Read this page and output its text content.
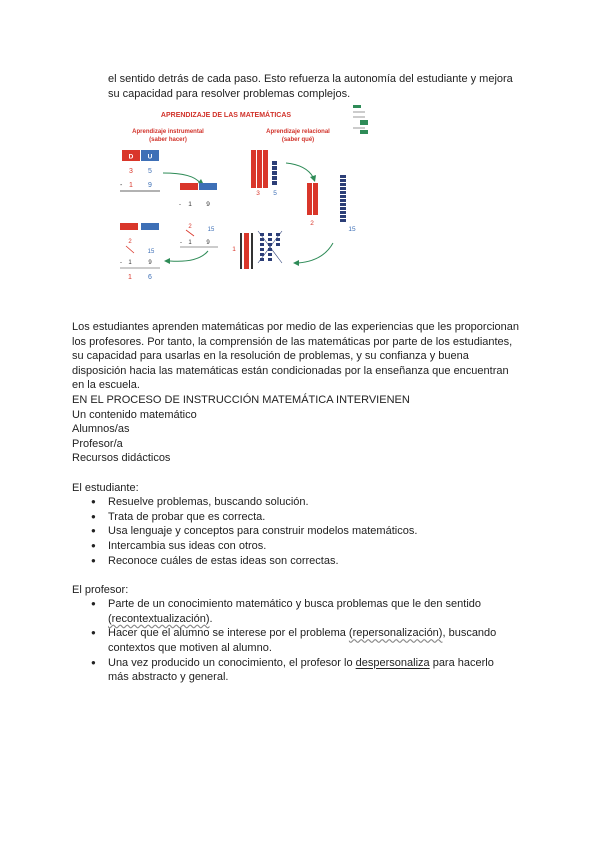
el sentido detrás de cada paso. Esto refuerza la autonomía del estudiante y mejora
su capacidad para resolver problemas complejos.
APRENDIZAJE DE LAS MATEMÁTICAS
Aprendizaje instrumental
(saber hacer)
Aprendizaje relacional
(saber qué)
D U
3 5
- 1 9
- 1 9
2	15
- 1 9
2
15
- 1	9
1 6
3 5
2
15
1

Los estudiantes aprenden matemáticas por medio de las experiencias que les proporcionan
los profesores. Por tanto, la comprensión de las matemáticas por parte de los estudiantes,
su capacidad para usarlas en la resolución de problemas, y su confianza y buena
disposición hacia las matemáticas están condicionadas por la enseñanza que encuentran
en la escuela.

EN EL PROCESO DE INSTRUCCIÓN MATEMÁTICA INTERVIENEN
Un contenido matemático
Alumnos/as
Profesor/a
Recursos didácticos
El estudiante:
● Resuelve problemas, buscando solución.
● Trata de probar que es correcta.
● Usa lenguaje y conceptos para construir modelos matemáticos.
● Intercambia sus ideas con otros.
● Reconoce cuáles de estas ideas son correctas.
El profesor:
● Parte de un conocimiento matemático y busca problemas que le den sentido
(recontextualización).
● Hacer que el alumno se interese por el problema (repersonalización), buscando
contextos que motiven al alumno.
● Una vez producido un conocimiento, el profesor lo despersonaliza para hacerlo
más abstracto y general.
